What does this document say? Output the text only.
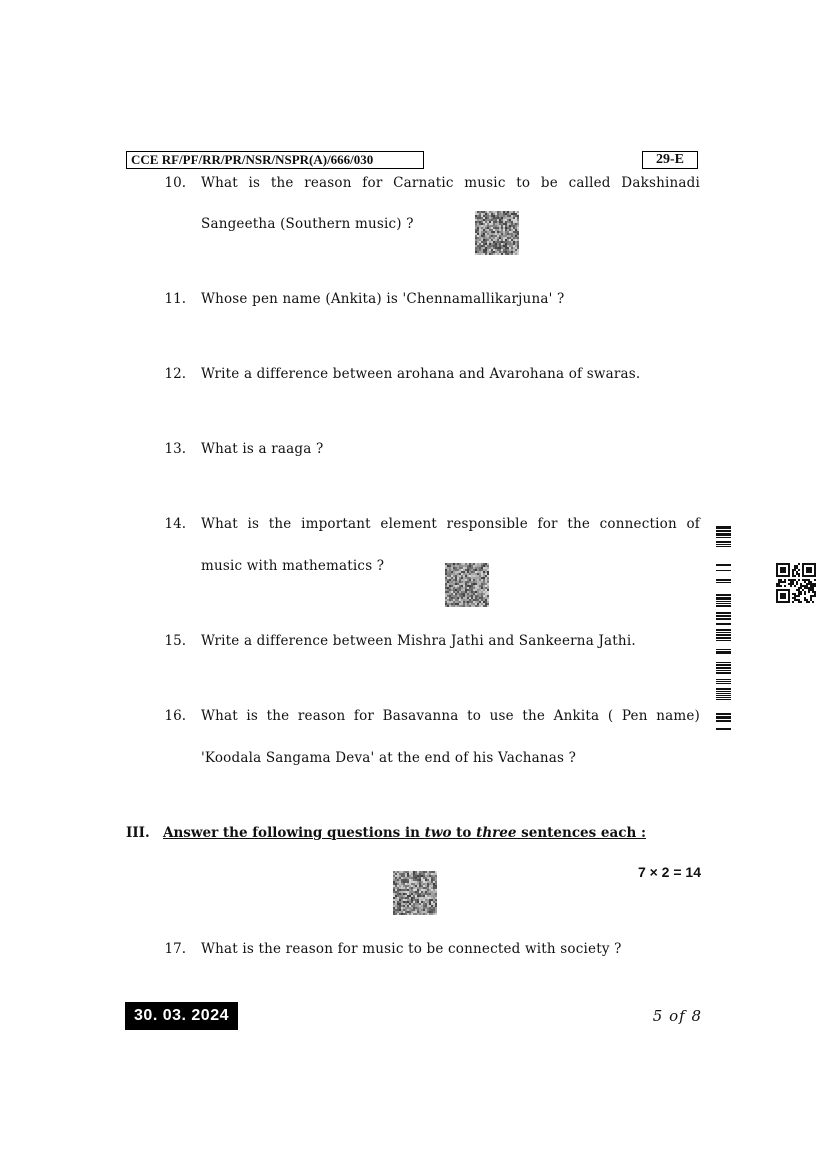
CCE RF/PF/RR/PR/NSR/NSPR(A)/666/030	29-E
10. What is the reason for Carnatic music to be called Dakshinadi
Sangeetha (Southern music) ?
11. Whose pen name (Ankita) is 'Chennamallikarjuna' ?
12. Write a difference between arohana and Avarohana of swaras.
13. What is a raaga ?
14. What is the important element responsible for the connection of
music with mathematics ?
15. Write a difference between Mishra Jathi and Sankeerna Jathi.
16. What is the reason for Basavanna to use the Ankita ( Pen name)
'Koodala Sangama Deva' at the end of his Vachanas ?
III. Answer the following questions in two to three sentences each :
7 × 2 = 14
17. What is the reason for music to be connected with society ?
30. 03. 2024	5 of 8
